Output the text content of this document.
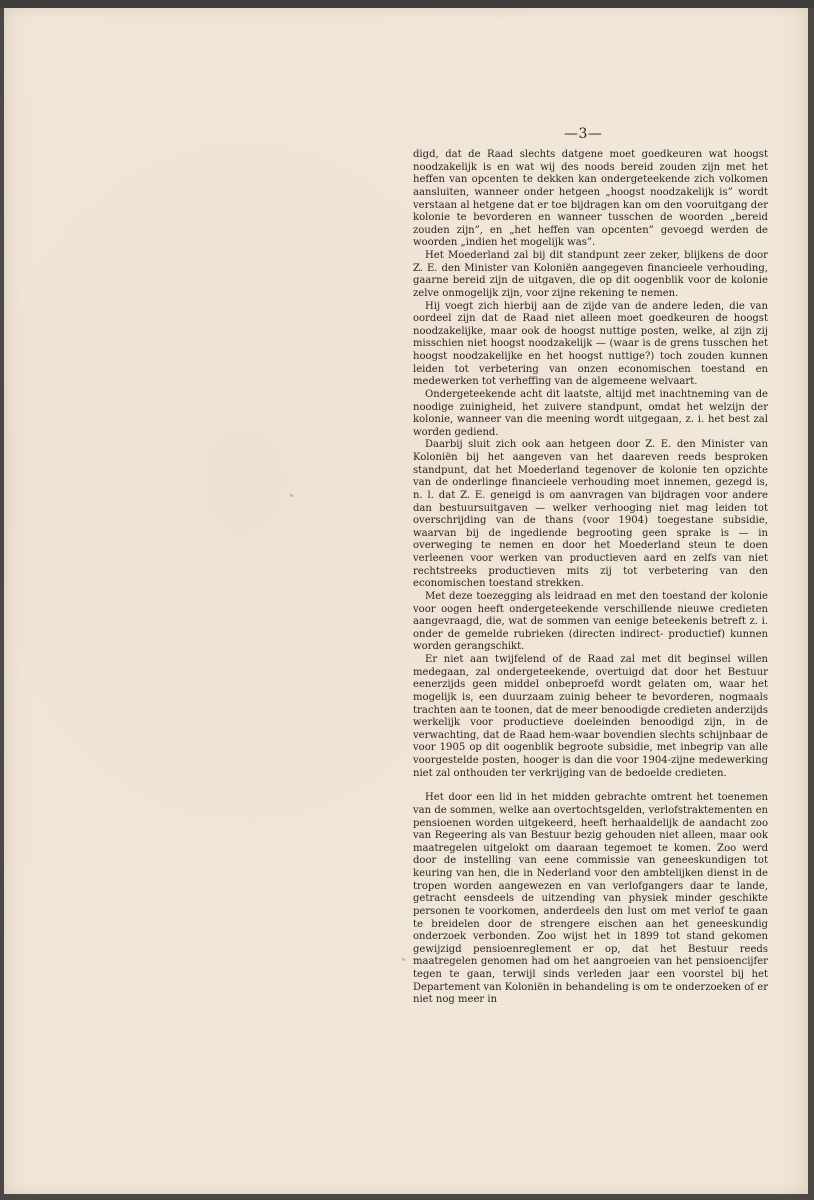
—3—

digd, dat de Raad slechts datgene moet goedkeuren wat hoogst noodzakelijk is en wat wij des noods bereid zouden zijn met het heffen van opcenten te dekken kan ondergeteekende zich volkomen aansluiten, wanneer onder hetgeen „hoogst noodzakelijk is” wordt verstaan al hetgene dat er toe bijdragen kan om den vooruitgang der kolonie te bevorderen en wanneer tusschen de woorden „bereid zouden zijn”, en „het heffen van opcenten” gevoegd werden de woorden „indien het mogelijk was”.

Het Moederland zal bij dit standpunt zeer zeker, blijkens de door Z. E. den Minister van Koloniën aangegeven financieele verhouding, gaarne bereid zijn de uitgaven, die op dit oogenblik voor de kolonie zelve onmogelijk zijn, voor zijne rekening te nemen.

Hij voegt zich hierbij aan de zijde van de andere leden, die van oordeel zijn dat de Raad niet alleen moet goedkeuren de hoogst noodzakelijke, maar ook de hoogst nuttige posten, welke, al zijn zij misschien niet hoogst noodzakelijk — (waar is de grens tusschen het hoogst noodzakelijke en het hoogst nuttige?) toch zouden kunnen leiden tot verbetering van onzen economischen toestand en medewerken tot verheffing van de algemeene welvaart.

Ondergeteekende acht dit laatste, altijd met inachtneming van de noodige zuinigheid, het zuivere standpunt, omdat het welzijn der kolonie, wanneer van die meening wordt uitgegaan, z. i. het best zal worden gediend.

Daarbij sluit zich ook aan hetgeen door Z. E. den Minister van Koloniën bij het aangeven van het daareven reeds besproken standpunt, dat het Moederland tegenover de kolonie ten opzichte van de onderlinge financieele verhouding moet innemen, gezegd is, n. l. dat Z. E. geneigd is om aanvragen van bijdragen voor andere dan bestuursuitgaven — welker verhooging niet mag leiden tot overschrijding van de thans (voor 1904) toegestane subsidie, waarvan bij de ingediende begrooting geen sprake is — in overweging te nemen en door het Moederland steun te doen verleenen voor werken van productieven aard en zelfs van niet rechtstreeks productieven mits zij tot verbetering van den economischen toestand strekken.

Met deze toezegging als leidraad en met den toestand der kolonie voor oogen heeft ondergeteekende verschillende nieuwe credieten aangevraagd, die, wat de sommen van eenige beteekenis betreft z. i. onder de gemelde rubrieken (directen indirect- productief) kunnen worden gerangschikt.

Er niet aan twijfelend of de Raad zal met dit beginsel willen medegaan, zal ondergeteekende, overtuigd dat door het Bestuur eenerzijds geen middel onbeproefd wordt gelaten om, waar het mogelijk is, een duurzaam zuinig beheer te bevorderen, nogmaals trachten aan te toonen, dat de meer benoodigde credieten anderzijds werkelijk voor productieve doeleinden benoodigd zijn, in de verwachting, dat de Raad hem-waar bovendien slechts schijnbaar de voor 1905 op dit oogenblik begroote subsidie, met inbegrip van alle voorgestelde posten, hooger is dan die voor 1904-zijne medewerking niet zal onthouden ter verkrijging van de bedoelde credieten.

Het door een lid in het midden gebrachte omtrent het toenemen van de sommen, welke aan overtochtsgelden, verlofstraktementen en pensioenen worden uitgekeerd, heeft herhaaldelijk de aandacht zoo van Regeering als van Bestuur bezig gehouden niet alleen, maar ook maatregelen uitgelokt om daaraan tegemoet te komen. Zoo werd door de instelling van eene commissie van geneeskundigen tot keuring van hen, die in Nederland voor den ambtelijken dienst in de tropen worden aangewezen en van verlofgangers daar te lande, getracht eensdeels de uitzending van physiek minder geschikte personen te voorkomen, anderdeels den lust om met verlof te gaan te breidelen door de strengere eischen aan het geneeskundig onderzoek verbonden. Zoo wijst het in 1899 tot stand gekomen gewijzigd pensioenreglement er op, dat het Bestuur reeds maatregelen genomen had om het aangroeien van het pensioencijfer tegen te gaan, terwijl sinds verleden jaar een voorstel bij het Departement van Koloniën in behandeling is om te onderzoeken of er niet nog meer in
